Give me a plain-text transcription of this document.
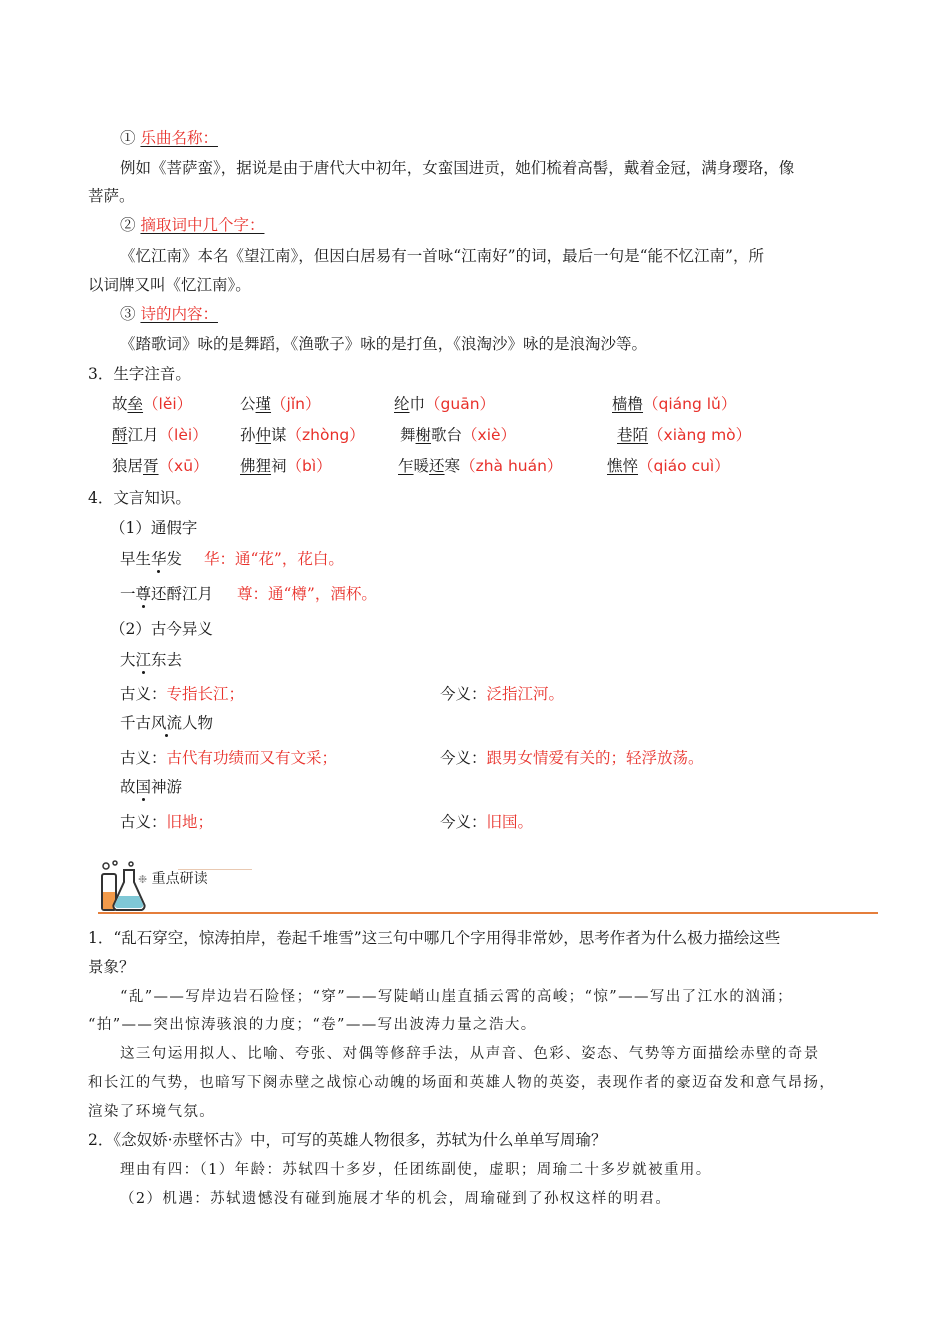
① 乐曲名称：
例如《菩萨蛮》，据说是由于唐代大中初年，女蛮国进贡，她们梳着高髻，戴着金冠，满身璎珞，像
菩萨。
② 摘取词中几个字：
《忆江南》本名《望江南》，但因白居易有一首咏“江南好”的词，最后一句是“能不忆江南”，所
以词牌又叫《忆江南》。
③ 诗的内容：
《踏歌词》咏的是舞蹈，《渔歌子》咏的是打鱼，《浪淘沙》咏的是浪淘沙等。
3．生字注音。
故垒（lěi）	公瑾（jǐn）	纶巾（guān）	樯橹（qiáng lǔ）
酹江月（lèi） 孙仲谋（zhòng） 舞榭歌台（xiè）	巷陌（xiàng mò）
狼居胥（xū） 佛狸祠（bì）	乍暖还寒（zhà huán）	憔悴（qiáo cuì）
4．文言知识。
（1）通假字
早生华发 华：通“花”，花白。
一尊还酹江月 尊：通“樽”，酒杯。
（2）古今异义
大江东去
古义：专指长江；	今义：泛指江河。
千古风流人物
古义：古代有功绩而又有文采；	今义：跟男女情爱有关的；轻浮放荡。
故国神游
古义：旧地；	今义：旧国。
❉ 重点研读
1．“乱石穿空，惊涛拍岸，卷起千堆雪”这三句中哪几个字用得非常妙，思考作者为什么极力描绘这些
景象？
“乱”——写岸边岩石险怪；“穿”——写陡峭山崖直插云霄的高峻；“惊”——写出了江水的汹涌；
“拍”——突出惊涛骇浪的力度；“卷”——写出波涛力量之浩大。
这三句运用拟人、比喻、夸张、对偶等修辞手法，从声音、色彩、姿态、气势等方面描绘赤壁的奇景
和长江的气势，也暗写下阕赤壁之战惊心动魄的场面和英雄人物的英姿，表现作者的豪迈奋发和意气昂扬，
渲染了环境气氛。
2．《念奴娇·赤壁怀古》中，可写的英雄人物很多，苏轼为什么单单写周瑜？
理由有四：（1）年龄：苏轼四十多岁，任团练副使，虚职；周瑜二十多岁就被重用。
（2）机遇：苏轼遗憾没有碰到施展才华的机会，周瑜碰到了孙权这样的明君。
